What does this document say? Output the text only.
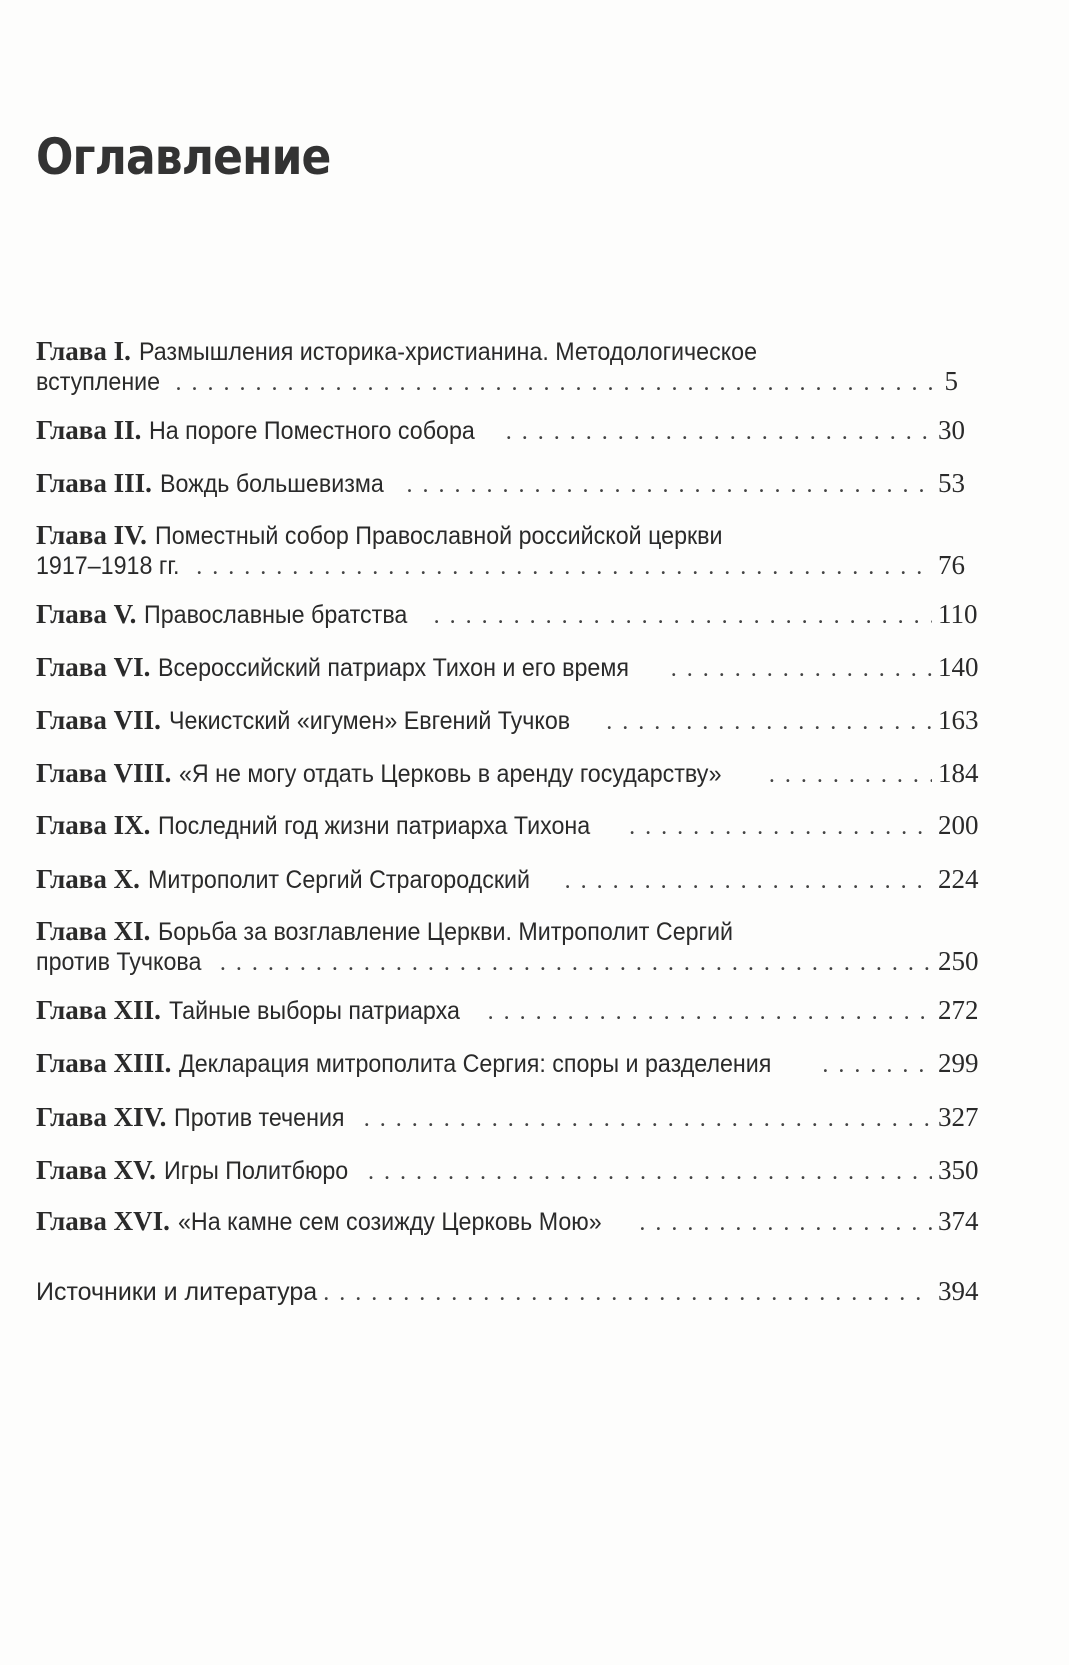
Оглавление
Глава I. Размышления историка-христианина. Методологическое
вступление . . .	5
Глава II. На пороге Поместного собора . . .	30
Глава III. Вождь большевизма . . .	53
Глава IV. Поместный собор Православной российской церкви
1917–1918 гг. . . .	76
Глава V. Православные братства . . .	110
Глава VI. Всероссийский патриарх Тихон и его время . . .	140
Глава VII. Чекистский «игумен» Евгений Тучков . . .	163
Глава VIII. «Я не могу отдать Церковь в аренду государству» . . .	184
Глава IX. Последний год жизни патриарха Тихона . . .	200
Глава X. Митрополит Сергий Страгородский . . .	224
Глава XI. Борьба за возглавление Церкви. Митрополит Сергий
против Тучкова . . .	250
Глава XII. Тайные выборы патриарха . . .	272
Глава XIII. Декларация митрополита Сергия: споры и разделения . . .	299
Глава XIV. Против течения . . .	327
Глава XV. Игры Политбюро . . .	350
Глава XVI. «На камне сем созижду Церковь Мою» . . .	374
Источники и литература . . .	394
